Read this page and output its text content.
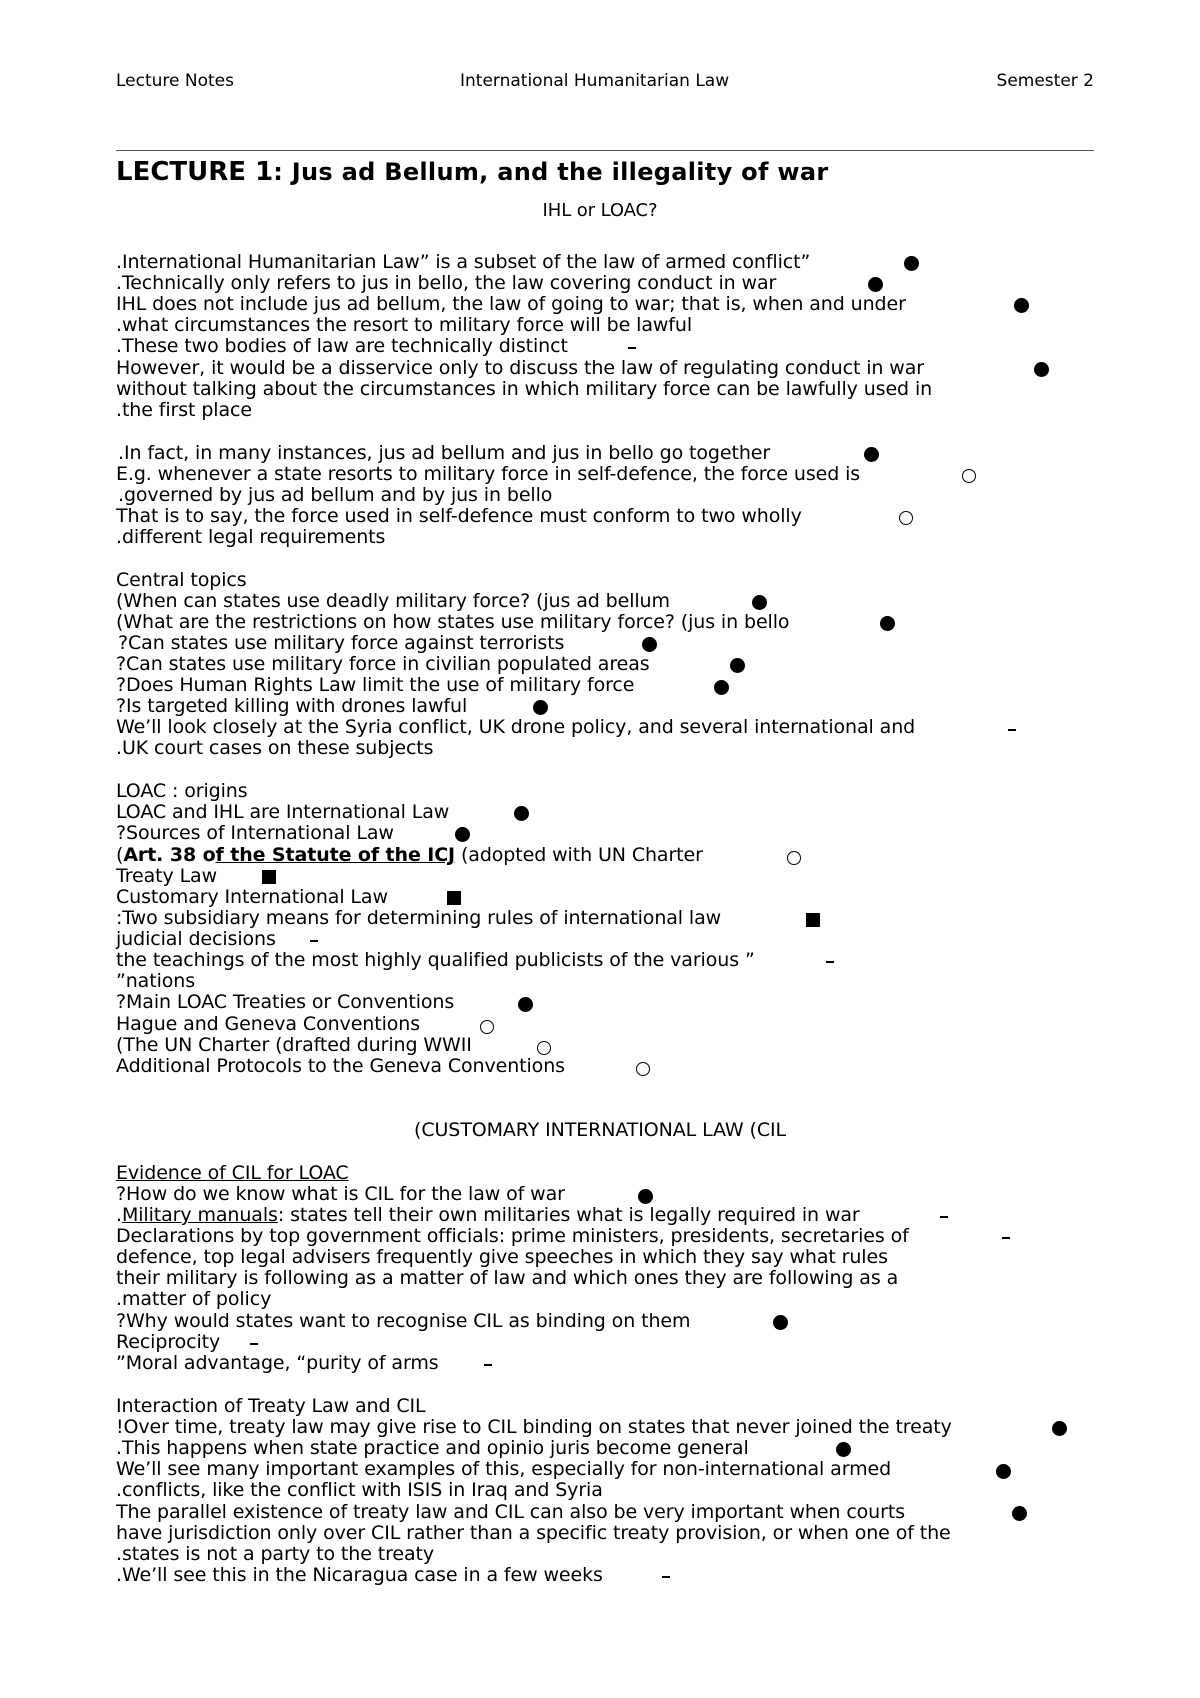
Lecture Notes	International Humanitarian Law	Semester 2
LECTURE 1: Jus ad Bellum, and the illegality of war
IHL or LOAC?
.International Humanitarian Law” is a subset of the law of armed conflict”
.Technically only refers to jus in bello, the law covering conduct in war
IHL does not include jus ad bellum, the law of going to war; that is, when and under
.what circumstances the resort to military force will be lawful
.These two bodies of law are technically distinct
However, it would be a disservice only to discuss the law of regulating conduct in war
without talking about the circumstances in which military force can be lawfully used in
.the first place
.In fact, in many instances, jus ad bellum and jus in bello go together
E.g. whenever a state resorts to military force in self-defence, the force used is
.governed by jus ad bellum and by jus in bello
That is to say, the force used in self-defence must conform to two wholly
.different legal requirements
Central topics
(When can states use deadly military force? (jus ad bellum
(What are the restrictions on how states use military force? (jus in bello
?Can states use military force against terrorists
?Can states use military force in civilian populated areas
?Does Human Rights Law limit the use of military force
?Is targeted killing with drones lawful
We’ll look closely at the Syria conflict, UK drone policy, and several international and
.UK court cases on these subjects
LOAC : origins
LOAC and IHL are International Law
?Sources of International Law
(Art. 38 of the Statute of the ICJ (adopted with UN Charter
Treaty Law
Customary International Law
:Two subsidiary means for determining rules of international law
judicial decisions
the teachings of the most highly qualified publicists of the various ”
”nations
?Main LOAC Treaties or Conventions
Hague and Geneva Conventions
(The UN Charter (drafted during WWII
Additional Protocols to the Geneva Conventions
(CUSTOMARY INTERNATIONAL LAW (CIL
Evidence of CIL for LOAC
?How do we know what is CIL for the law of war
.Military manuals: states tell their own militaries what is legally required in war
Declarations by top government officials: prime ministers, presidents, secretaries of
defence, top legal advisers frequently give speeches in which they say what rules
their military is following as a matter of law and which ones they are following as a
.matter of policy
?Why would states want to recognise CIL as binding on them
Reciprocity
”Moral advantage, “purity of arms
Interaction of Treaty Law and CIL
!Over time, treaty law may give rise to CIL binding on states that never joined the treaty
.This happens when state practice and opinio juris become general
We’ll see many important examples of this, especially for non-international armed
.conflicts, like the conflict with ISIS in Iraq and Syria
The parallel existence of treaty law and CIL can also be very important when courts
have jurisdiction only over CIL rather than a specific treaty provision, or when one of the
.states is not a party to the treaty
.We’ll see this in the Nicaragua case in a few weeks
